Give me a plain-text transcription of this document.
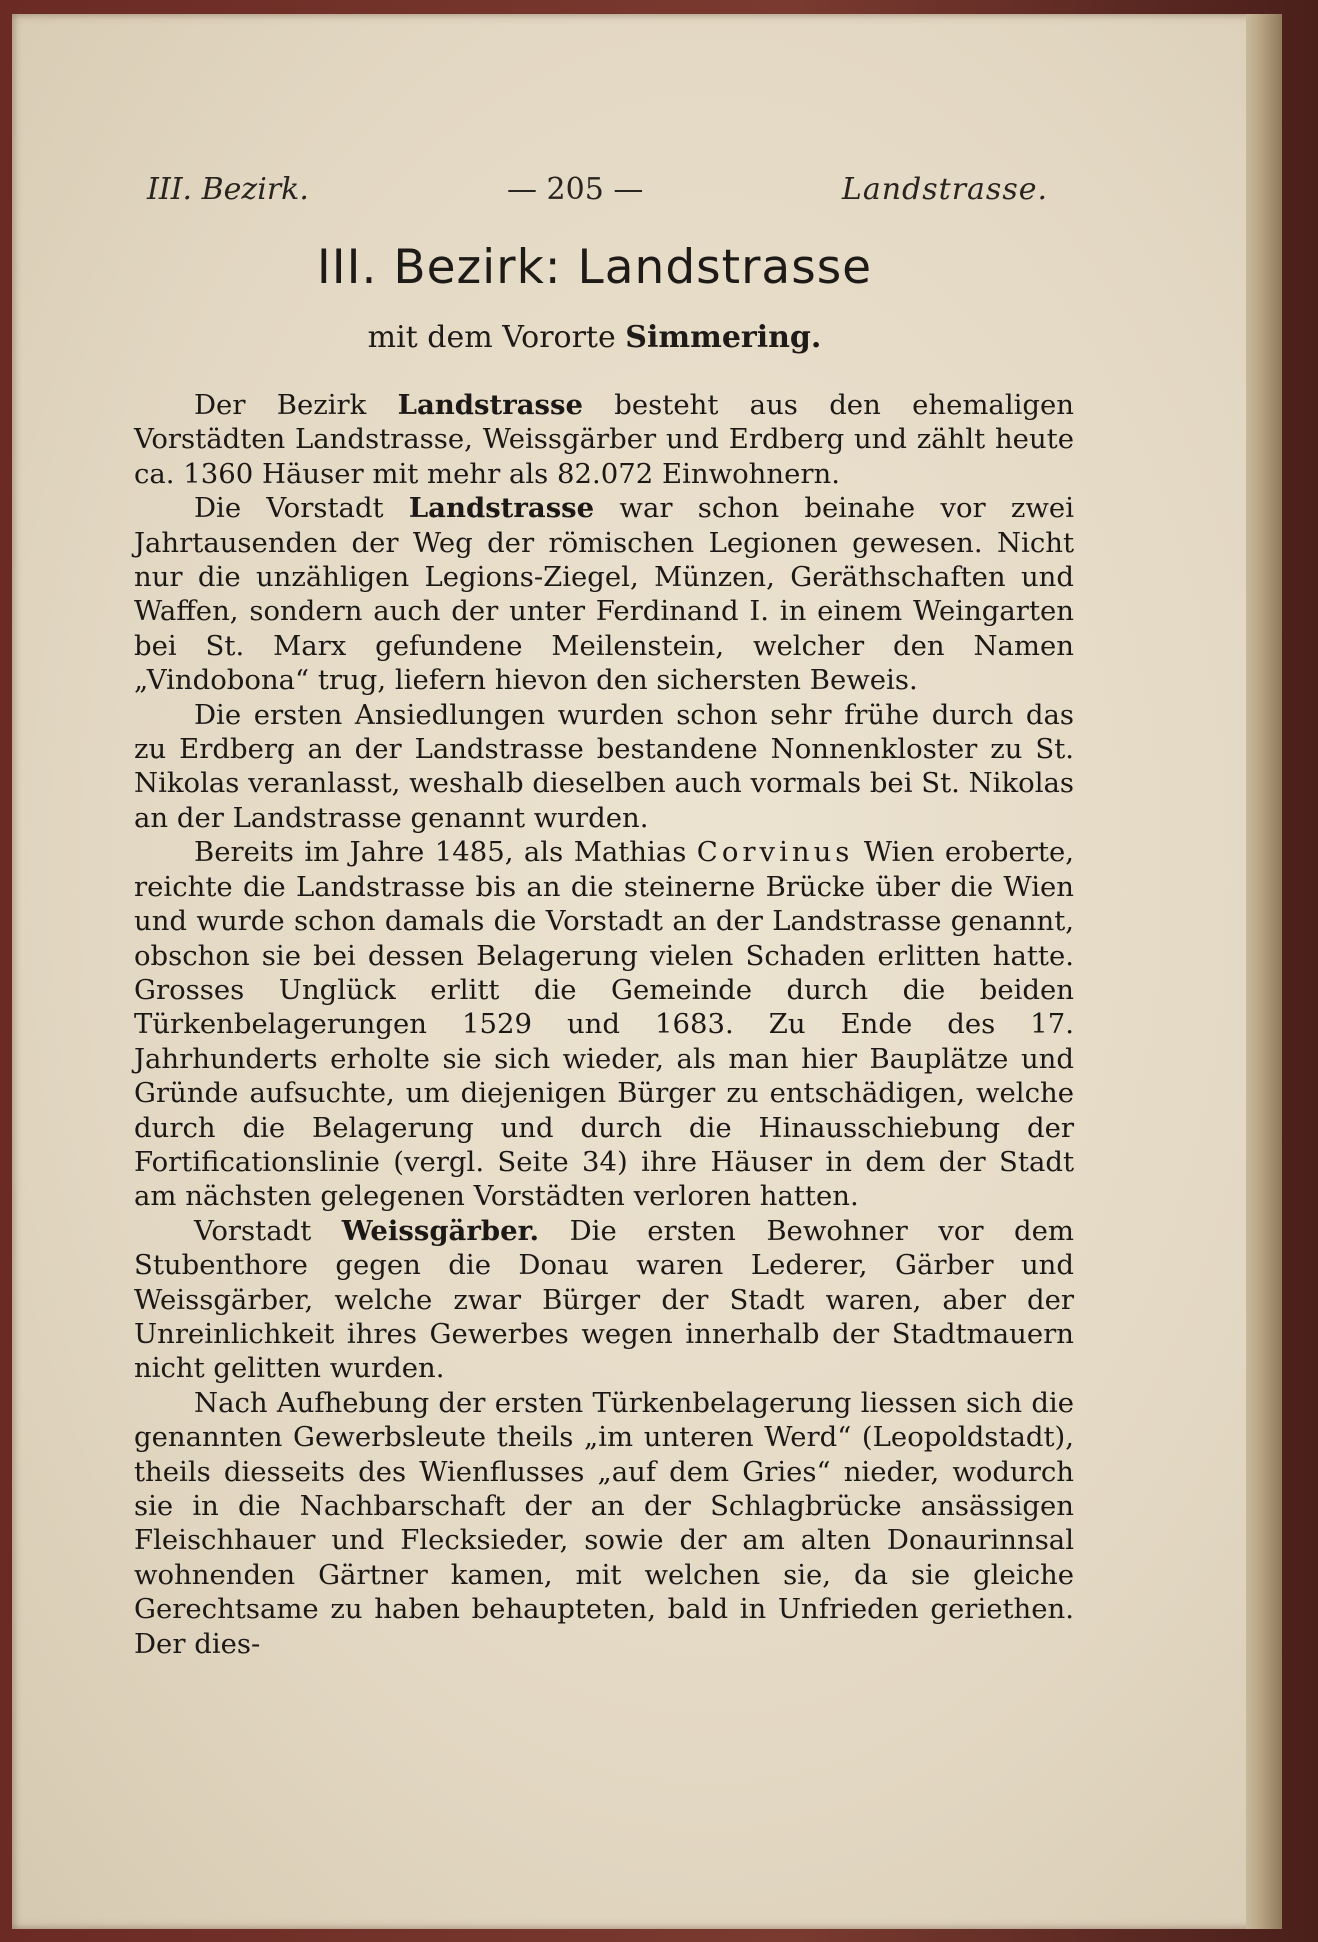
III. Bezirk.	— 205 —	Landstrasse.
III. Bezirk: Landstrasse
mit dem Vororte Simmering.

Der Bezirk Landstrasse besteht aus den ehemaligen Vorstädten Landstrasse, Weissgärber und Erdberg und zählt heute ca. 1360 Häuser mit mehr als 82.072 Einwohnern.

Die Vorstadt Landstrasse war schon beinahe vor zwei Jahrtausenden der Weg der römischen Legionen gewesen. Nicht nur die unzähligen Legions-Ziegel, Münzen, Geräthschaften und Waffen, sondern auch der unter Ferdinand I. in einem Weingarten bei St. Marx gefundene Meilenstein, welcher den Namen „Vindobona“ trug, liefern hievon den sichersten Beweis.

Die ersten Ansiedlungen wurden schon sehr frühe durch das zu Erdberg an der Landstrasse bestandene Nonnenkloster zu St. Nikolas veranlasst, weshalb dieselben auch vormals bei St. Nikolas an der Landstrasse genannt wurden.

Bereits im Jahre 1485, als Mathias Corvinus Wien eroberte, reichte die Landstrasse bis an die steinerne Brücke über die Wien und wurde schon damals die Vorstadt an der Landstrasse genannt, obschon sie bei dessen Belagerung vielen Schaden erlitten hatte. Grosses Unglück erlitt die Gemeinde durch die beiden Türkenbelagerungen 1529 und 1683. Zu Ende des 17. Jahrhunderts erholte sie sich wieder, als man hier Bauplätze und Gründe aufsuchte, um diejenigen Bürger zu entschädigen, welche durch die Belagerung und durch die Hinausschiebung der Fortificationslinie (vergl. Seite 34) ihre Häuser in dem der Stadt am nächsten gelegenen Vorstädten verloren hatten.

Vorstadt Weissgärber. Die ersten Bewohner vor dem Stubenthore gegen die Donau waren Lederer, Gärber und Weissgärber, welche zwar Bürger der Stadt waren, aber der Unreinlichkeit ihres Gewerbes wegen innerhalb der Stadtmauern nicht gelitten wurden.

Nach Aufhebung der ersten Türkenbelagerung liessen sich die genannten Gewerbsleute theils „im unteren Werd“ (Leopoldstadt), theils diesseits des Wienflusses „auf dem Gries“ nieder, wodurch sie in die Nachbarschaft der an der Schlagbrücke ansässigen Fleischhauer und Flecksieder, sowie der am alten Donaurinnsal wohnenden Gärtner kamen, mit welchen sie, da sie gleiche Gerechtsame zu haben behaupteten, bald in Unfrieden geriethen. Der dies-
